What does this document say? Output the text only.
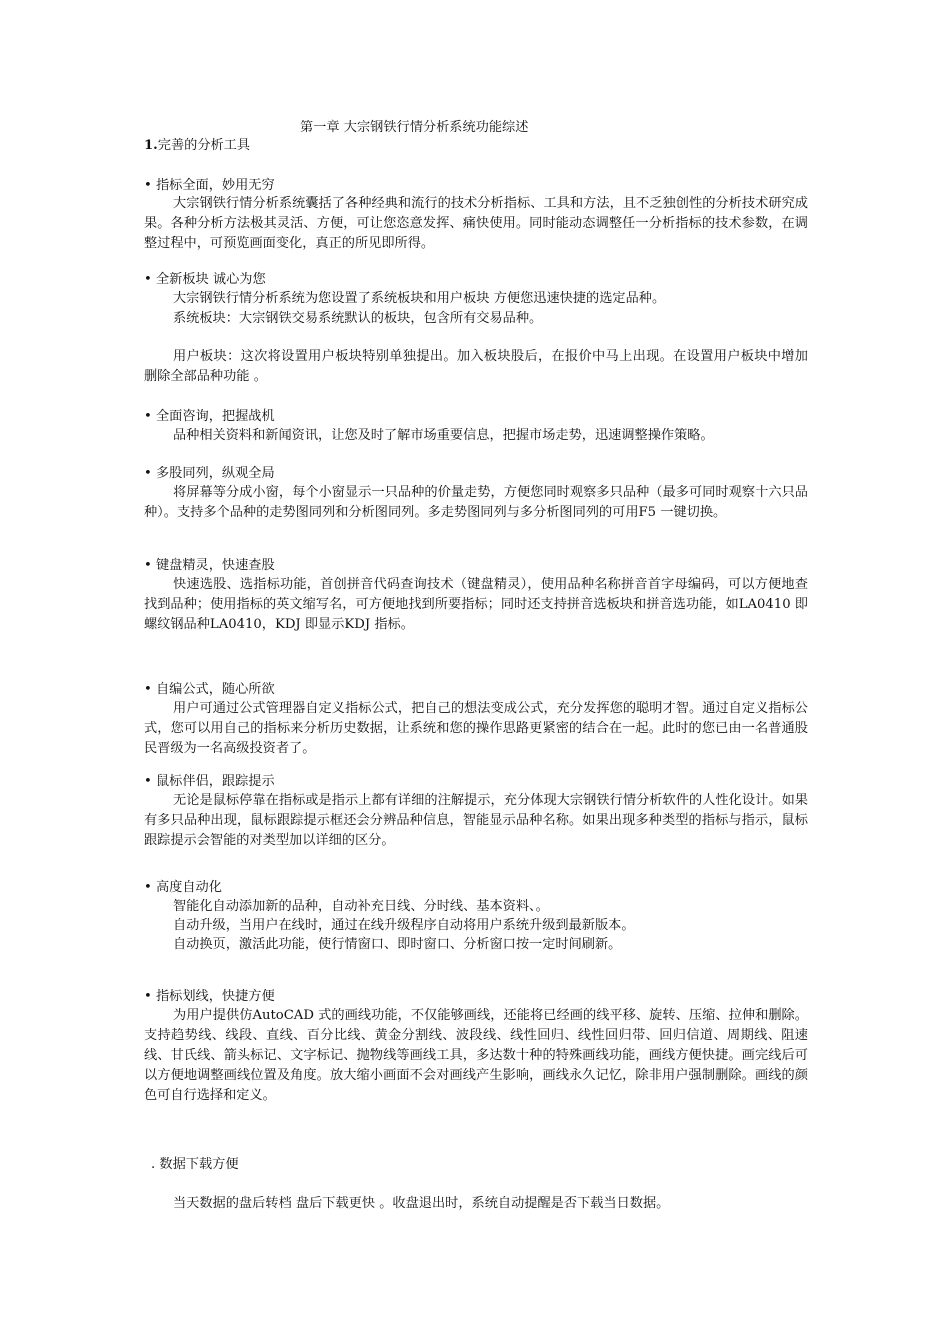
第一章 大宗钢铁行情分析系统功能综述
1.完善的分析工具
• 指标全面，妙用无穷
大宗钢铁行情分析系统囊括了各种经典和流行的技术分析指标、工具和方法，且不乏独创性的分析技术研究成果。各种分析方法极其灵活、方便，可让您恣意发挥、痛快使用。同时能动态调整任一分析指标的技术参数，在调整过程中，可预览画面变化，真正的所见即所得。
• 全新板块 诚心为您
大宗钢铁行情分析系统为您设置了系统板块和用户板块 方便您迅速快捷的选定品种。
系统板块：大宗钢铁交易系统默认的板块，包含所有交易品种。
用户板块：这次将设置用户板块特别单独提出。加入板块股后，在报价中马上出现。在设置用户板块中增加 删除全部品种功能 。
• 全面咨询，把握战机
品种相关资料和新闻资讯，让您及时了解市场重要信息，把握市场走势，迅速调整操作策略。
• 多股同列，纵观全局
将屏幕等分成小窗，每个小窗显示一只品种的价量走势，方便您同时观察多只品种（最多可同时观察十六只品种）。支持多个品种的走势图同列和分析图同列。多走势图同列与多分析图同列的可用F5 一键切换。
• 键盘精灵，快速查股
快速选股、选指标功能，首创拼音代码查询技术（键盘精灵），使用品种名称拼音首字母编码，可以方便地查找到品种；使用指标的英文缩写名，可方便地找到所要指标；同时还支持拼音选板块和拼音选功能，如LA0410 即螺纹钢品种LA0410，KDJ 即显示KDJ 指标。
• 自编公式，随心所欲
用户可通过公式管理器自定义指标公式，把自己的想法变成公式，充分发挥您的聪明才智。通过自定义指标公式，您可以用自己的指标来分析历史数据，让系统和您的操作思路更紧密的结合在一起。此时的您已由一名普通股民晋级为一名高级投资者了。
• 鼠标伴侣，跟踪提示
无论是鼠标停靠在指标或是指示上都有详细的注解提示，充分体现大宗钢铁行情分析软件的人性化设计。如果有多只品种出现，鼠标跟踪提示框还会分辨品种信息，智能显示品种名称。如果出现多种类型的指标与指示，鼠标跟踪提示会智能的对类型加以详细的区分。
• 高度自动化
智能化自动添加新的品种，自动补充日线、分时线、基本资料、。
自动升级，当用户在线时，通过在线升级程序自动将用户系统升级到最新版本。
自动换页，激活此功能，使行情窗口、即时窗口、分析窗口按一定时间刷新。
• 指标划线，快捷方便
为用户提供仿AutoCAD 式的画线功能，不仅能够画线，还能将已经画的线平移、旋转、压缩、拉伸和删除。支持趋势线、线段、直线、百分比线、黄金分割线、波段线、线性回归、线性回归带、回归信道、周期线、阻速线、甘氏线、箭头标记、文字标记、抛物线等画线工具，多达数十种的特殊画线功能，画线方便快捷。画完线后可以方便地调整画线位置及角度。放大缩小画面不会对画线产生影响，画线永久记忆，除非用户强制删除。画线的颜色可自行选择和定义。
. 数据下载方便
当天数据的盘后转档 盘后下载更快 。收盘退出时，系统自动提醒是否下载当日数据。
